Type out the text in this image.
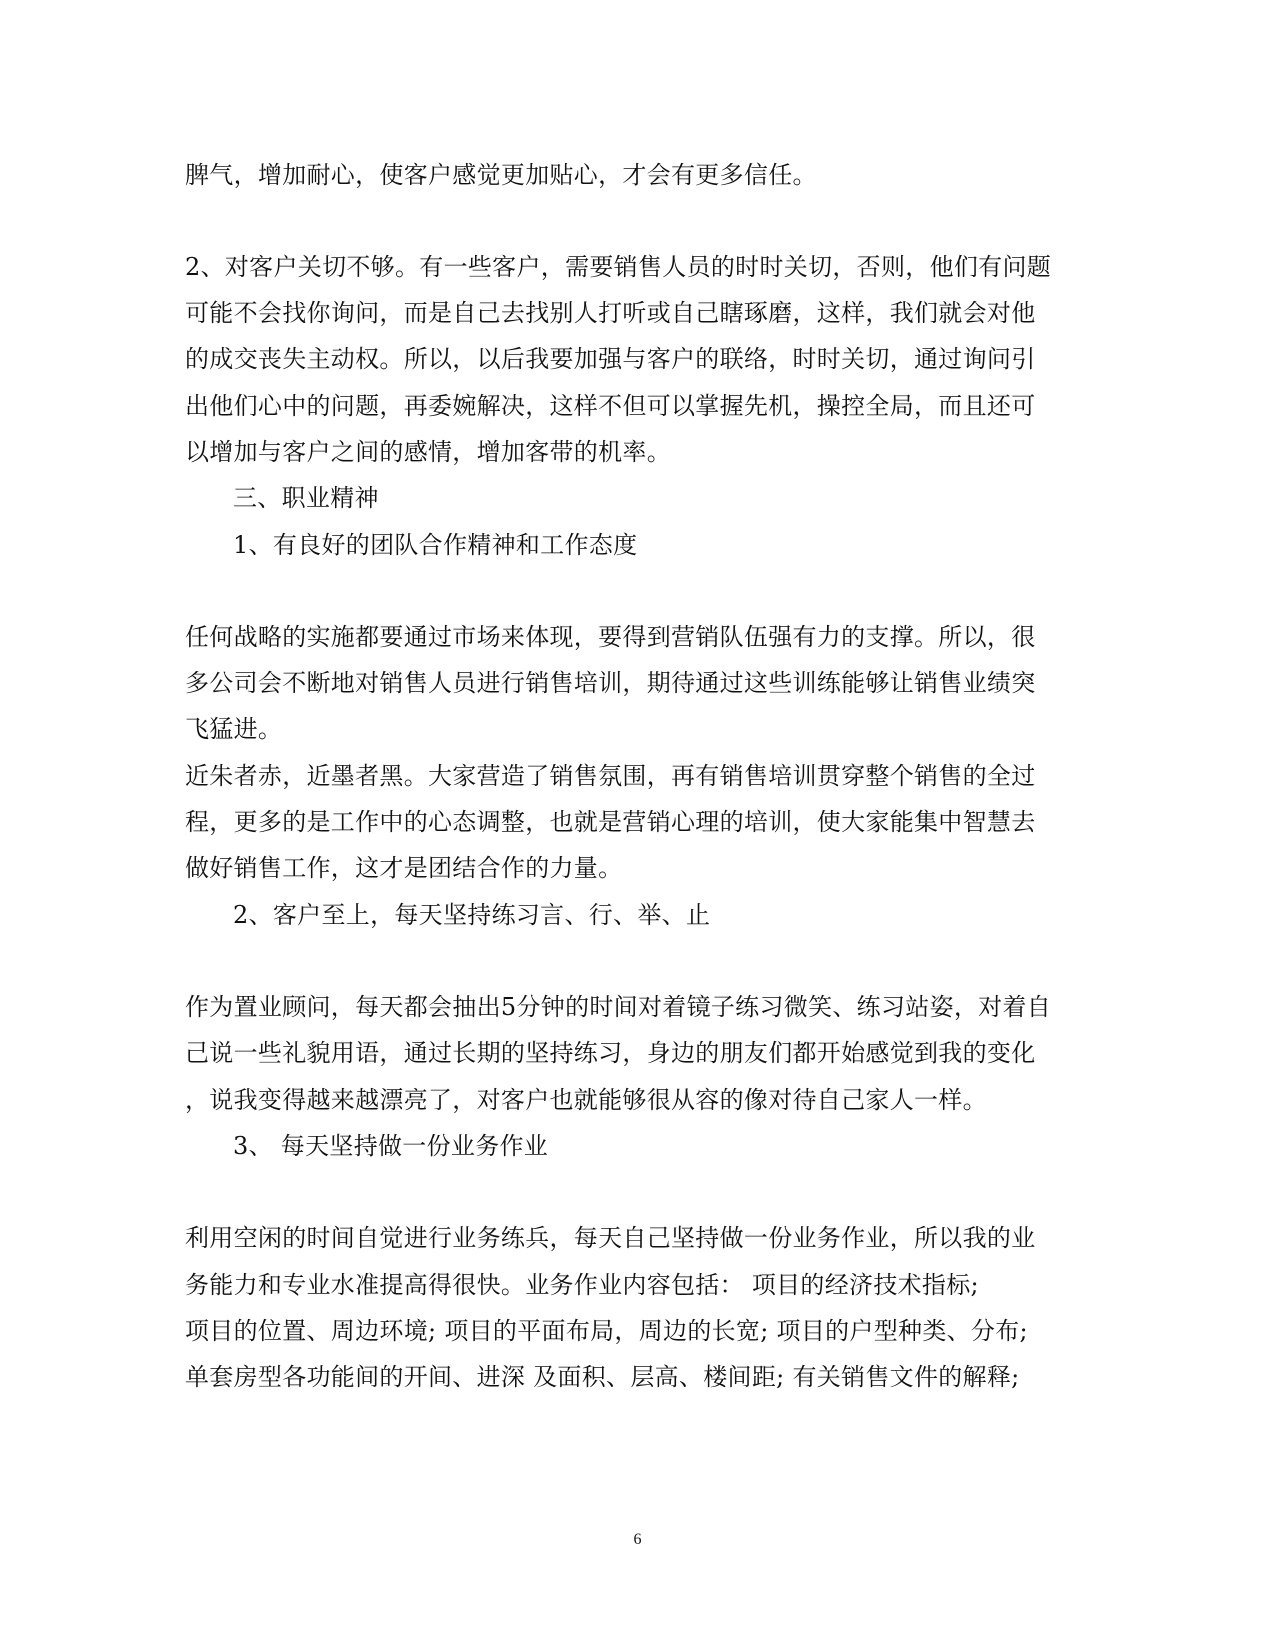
脾气，增加耐心，使客户感觉更加贴心，才会有更多信任。
2、对客户关切不够。有一些客户，需要销售人员的时时关切，否则，他们有问题
可能不会找你询问，而是自己去找别人打听或自己瞎琢磨，这样，我们就会对他
的成交丧失主动权。所以，以后我要加强与客户的联络，时时关切，通过询问引
出他们心中的问题，再委婉解决，这样不但可以掌握先机，操控全局，而且还可
以增加与客户之间的感情，增加客带的机率。
三、职业精神
1、有良好的团队合作精神和工作态度
任何战略的实施都要通过市场来体现，要得到营销队伍强有力的支撑。所以，很
多公司会不断地对销售人员进行销售培训，期待通过这些训练能够让销售业绩突
飞猛进。
近朱者赤，近墨者黑。大家营造了销售氛围，再有销售培训贯穿整个销售的全过
程，更多的是工作中的心态调整，也就是营销心理的培训，使大家能集中智慧去
做好销售工作，这才是团结合作的力量。
2、客户至上，每天坚持练习言、行、举、止
作为置业顾问，每天都会抽出5分钟的时间对着镜子练习微笑、练习站姿，对着自
己说一些礼貌用语，通过长期的坚持练习，身边的朋友们都开始感觉到我的变化
，说我变得越来越漂亮了，对客户也就能够很从容的像对待自己家人一样。
3、 每天坚持做一份业务作业
利用空闲的时间自觉进行业务练兵，每天自己坚持做一份业务作业，所以我的业
务能力和专业水准提高得很快。业务作业内容包括： 项目的经济技术指标;
项目的位置、周边环境; 项目的平面布局，周边的长宽; 项目的户型种类、分布;
单套房型各功能间的开间、进深 及面积、层高、楼间距; 有关销售文件的解释;
6
